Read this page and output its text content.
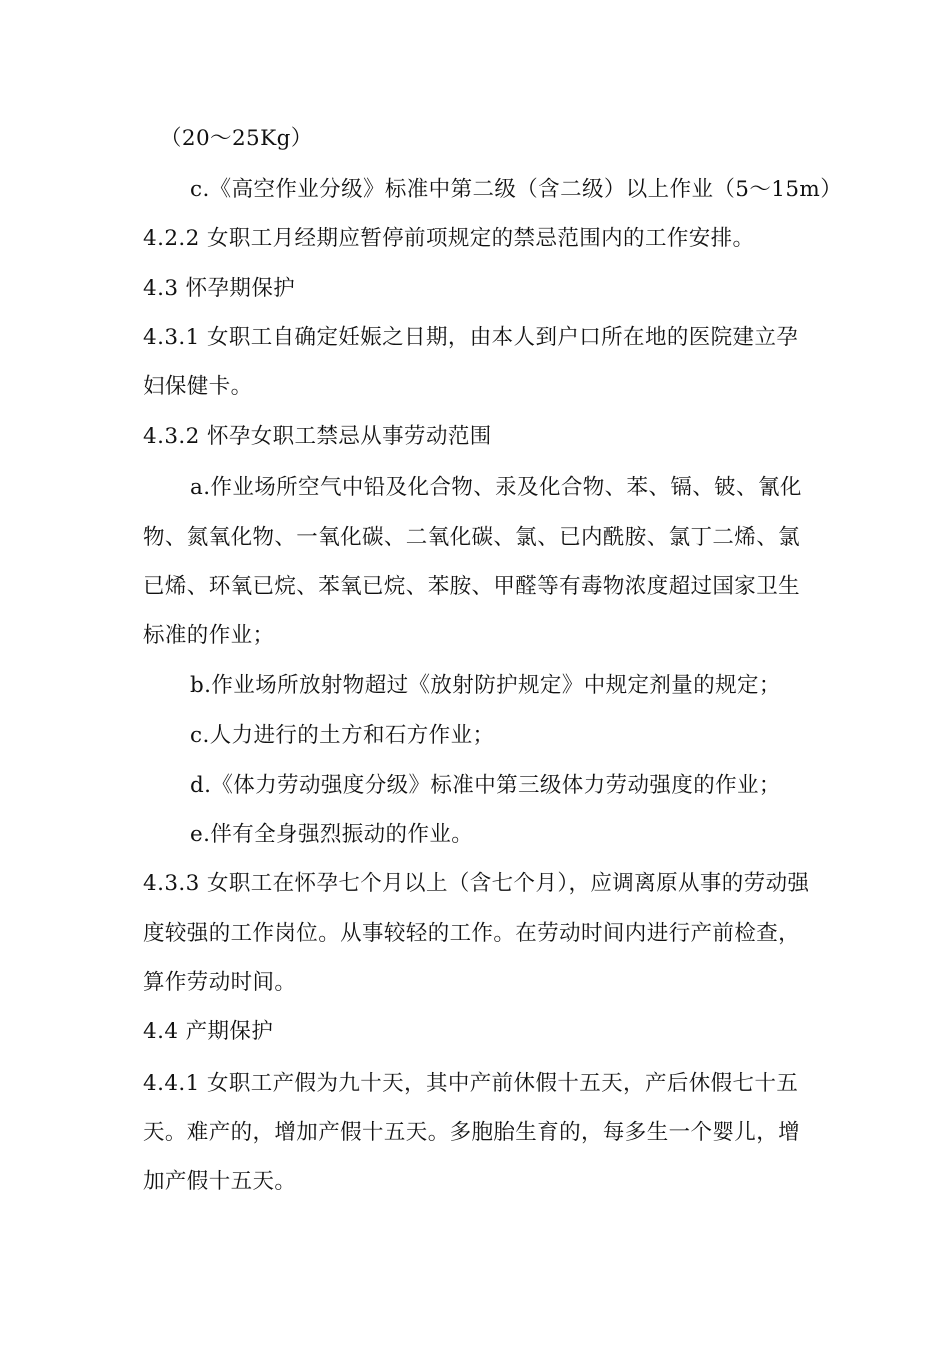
（20～25Kg）
c.《高空作业分级》标准中第二级（含二级）以上作业（5～15m）
4.2.2 女职工月经期应暂停前项规定的禁忌范围内的工作安排。
4.3 怀孕期保护
4.3.1 女职工自确定妊娠之日期，由本人到户口所在地的医院建立孕
妇保健卡。
4.3.2 怀孕女职工禁忌从事劳动范围
a.作业场所空气中铅及化合物、汞及化合物、苯、镉、铍、氰化
物、氮氧化物、一氧化碳、二氧化碳、氯、已内酰胺、氯丁二烯、氯
已烯、环氧已烷、苯氧已烷、苯胺、甲醛等有毒物浓度超过国家卫生
标准的作业；
b.作业场所放射物超过《放射防护规定》中规定剂量的规定；
c.人力进行的土方和石方作业；
d.《体力劳动强度分级》标准中第三级体力劳动强度的作业；
e.伴有全身强烈振动的作业。
4.3.3 女职工在怀孕七个月以上（含七个月），应调离原从事的劳动强
度较强的工作岗位。从事较轻的工作。在劳动时间内进行产前检查，
算作劳动时间。
4.4 产期保护
4.4.1 女职工产假为九十天，其中产前休假十五天，产后休假七十五
天。难产的，增加产假十五天。多胞胎生育的，每多生一个婴儿，增
加产假十五天。
